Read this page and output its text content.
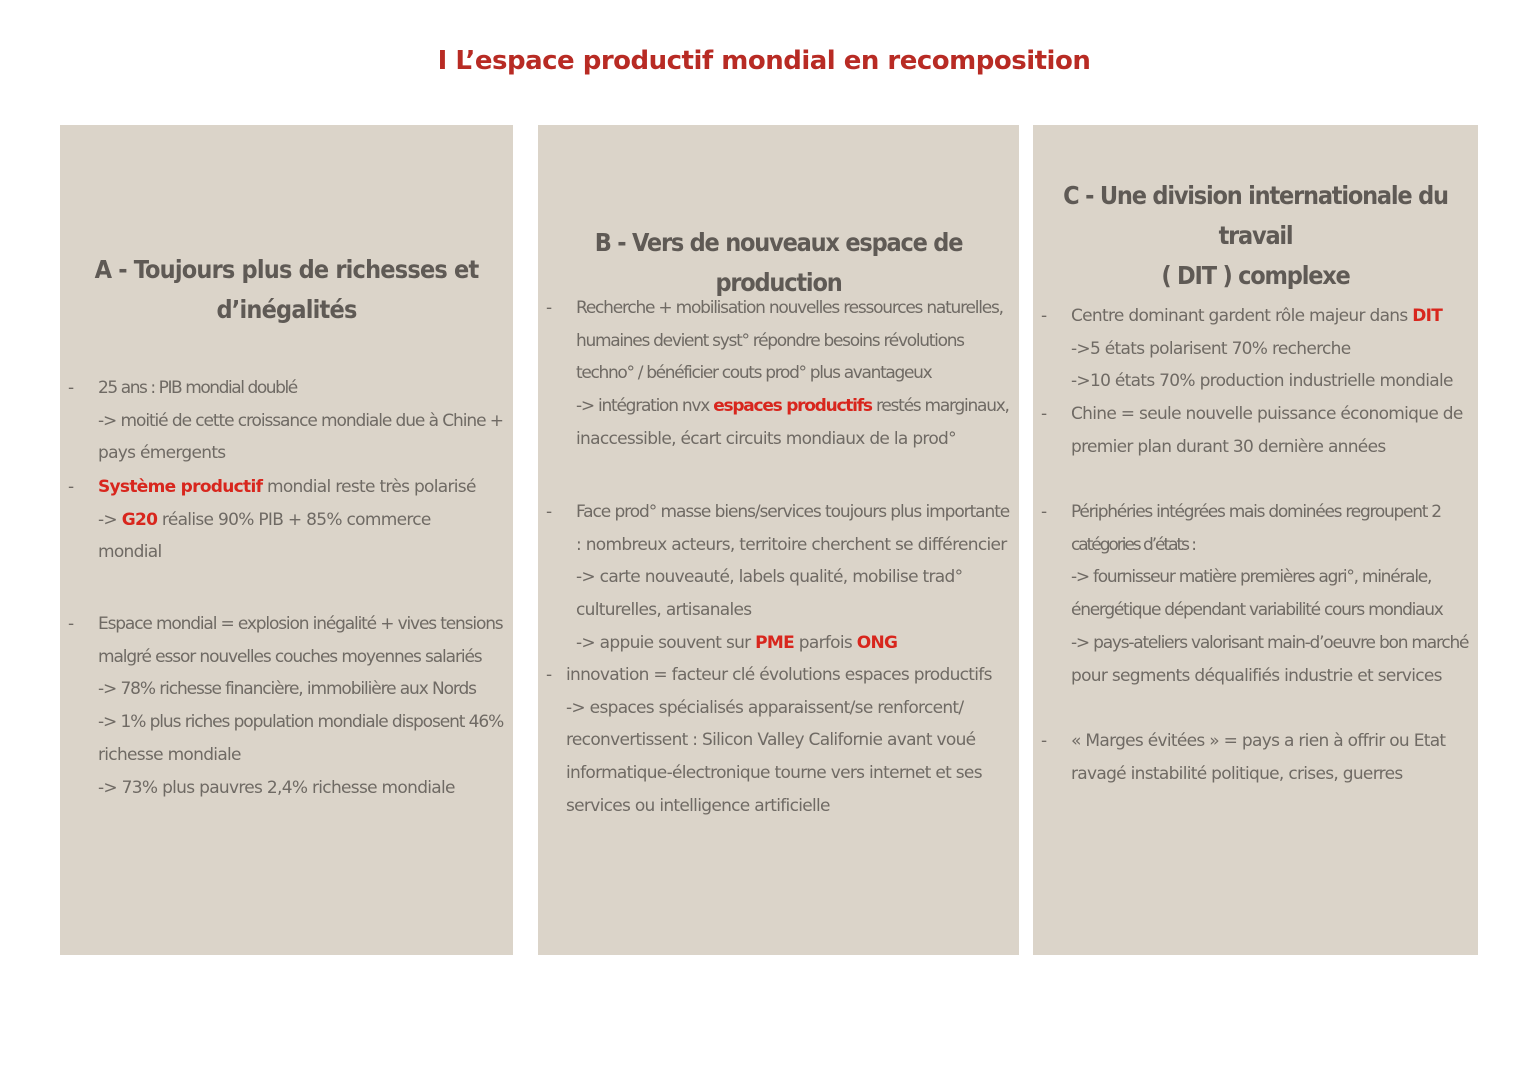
I L’espace productif mondial en recomposition
A - Toujours plus de richesses et
d’inégalités
- 25 ans : PIB mondial doublé
-> moitié de cette croissance mondiale due à Chine +
pays émergents
- Système productif mondial reste très polarisé
-> G20 réalise 90% PIB + 85% commerce
mondial
- Espace mondial = explosion inégalité + vives tensions
malgré essor nouvelles couches moyennes salariés
-> 78% richesse financière, immobilière aux Nords
-> 1% plus riches population mondiale disposent 46%
richesse mondiale
-> 73% plus pauvres 2,4% richesse mondiale
B - Vers de nouveaux espace de production
- Recherche + mobilisation nouvelles ressources naturelles,
humaines devient syst° répondre besoins révolutions
techno° / bénéficier couts prod° plus avantageux
-> intégration nvx espaces productifs restés marginaux,
inaccessible, écart circuits mondiaux de la prod°
- Face prod° masse biens/services toujours plus importante
: nombreux acteurs, territoire cherchent se différencier
-> carte nouveauté, labels qualité, mobilise trad°
culturelles, artisanales
-> appuie souvent sur PME parfois ONG
- innovation = facteur clé évolutions espaces productifs
-> espaces spécialisés apparaissent/se renforcent/
reconvertissent : Silicon Valley Californie avant voué
informatique-électronique tourne vers internet et ses
services ou intelligence artificielle
C - Une division internationale du travail
( DIT ) complexe
- Centre dominant gardent rôle majeur dans DIT
->5 états polarisent 70% recherche
->10 états 70% production industrielle mondiale
- Chine = seule nouvelle puissance économique de
premier plan durant 30 dernière années
- Périphéries intégrées mais dominées regroupent 2
catégories d’états :
-> fournisseur matière premières agri°, minérale,
énergétique dépendant variabilité cours mondiaux
-> pays-ateliers valorisant main-d’oeuvre bon marché
pour segments déqualifiés industrie et services
- « Marges évitées » = pays a rien à offrir ou Etat
ravagé instabilité politique, crises, guerres
